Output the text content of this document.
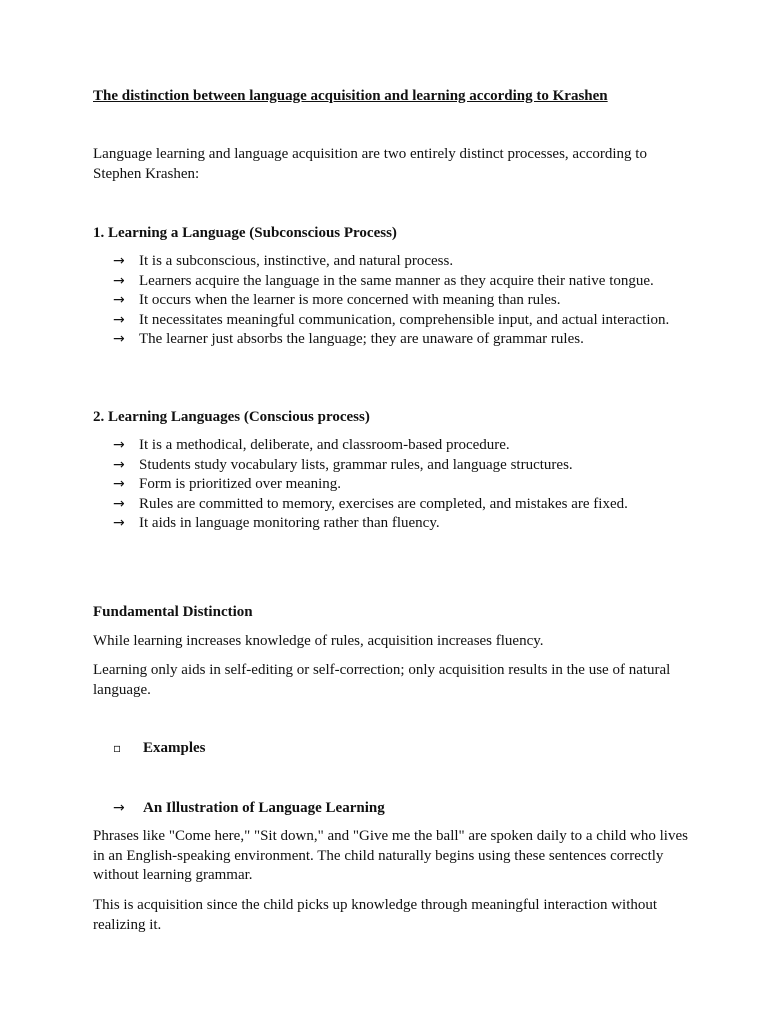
The distinction between language acquisition and learning according to Krashen

Language learning and language acquisition are two entirely distinct processes, according to Stephen Krashen:

1. Learning a Language (Subconscious Process)
→ It is a subconscious, instinctive, and natural process.
→ Learners acquire the language in the same manner as they acquire their native tongue.
→ It occurs when the learner is more concerned with meaning than rules.
→ It necessitates meaningful communication, comprehensible input, and actual interaction.
→ The learner just absorbs the language; they are unaware of grammar rules.
2. Learning Languages (Conscious process)
→ It is a methodical, deliberate, and classroom-based procedure.
→ Students study vocabulary lists, grammar rules, and language structures.
→ Form is prioritized over meaning.
→ Rules are committed to memory, exercises are completed, and mistakes are fixed.
→ It aids in language monitoring rather than fluency.
Fundamental Distinction

While learning increases knowledge of rules, acquisition increases fluency.

Learning only aids in self-editing or self-correction; only acquisition results in the use of natural language.

▫ Examples
→ An Illustration of Language Learning

Phrases like "Come here," "Sit down," and "Give me the ball" are spoken daily to a child who lives in an English-speaking environment. The child naturally begins using these sentences correctly without learning grammar.

This is acquisition since the child picks up knowledge through meaningful interaction without realizing it.
